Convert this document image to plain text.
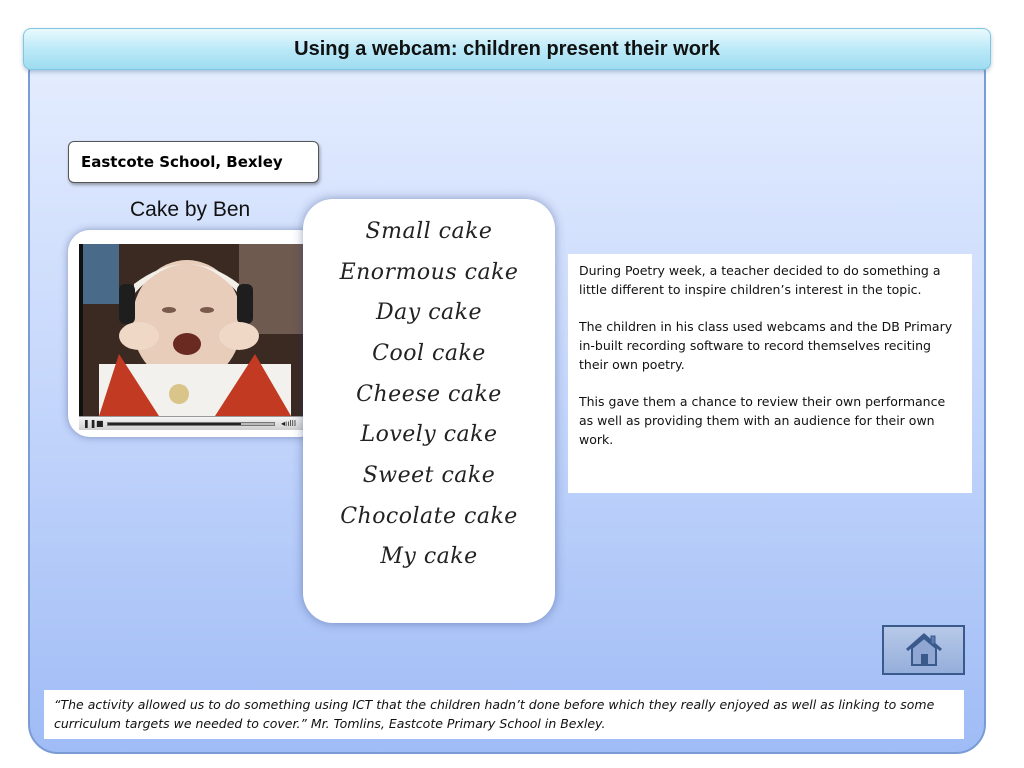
Using a webcam: children present their work
Eastcote School, Bexley
Cake by Ben
❚❚ ■	◂ıılll
Small cake
Enormous cake
Day cake
Cool cake
Cheese cake
Lovely cake
Sweet cake
Chocolate cake
My cake

During Poetry week, a teacher decided to do something a little different to inspire children’s interest in the topic.

The children in his class used webcams and the DB Primary in-built recording software to record themselves reciting their own poetry.

This gave them a chance to review their own performance as well as providing them with an audience for their own work.

“The activity allowed us to do something using ICT that the children hadn’t done before which they really enjoyed as well as linking to some curriculum targets we needed to cover.” Mr. Tomlins, Eastcote Primary School in Bexley.
